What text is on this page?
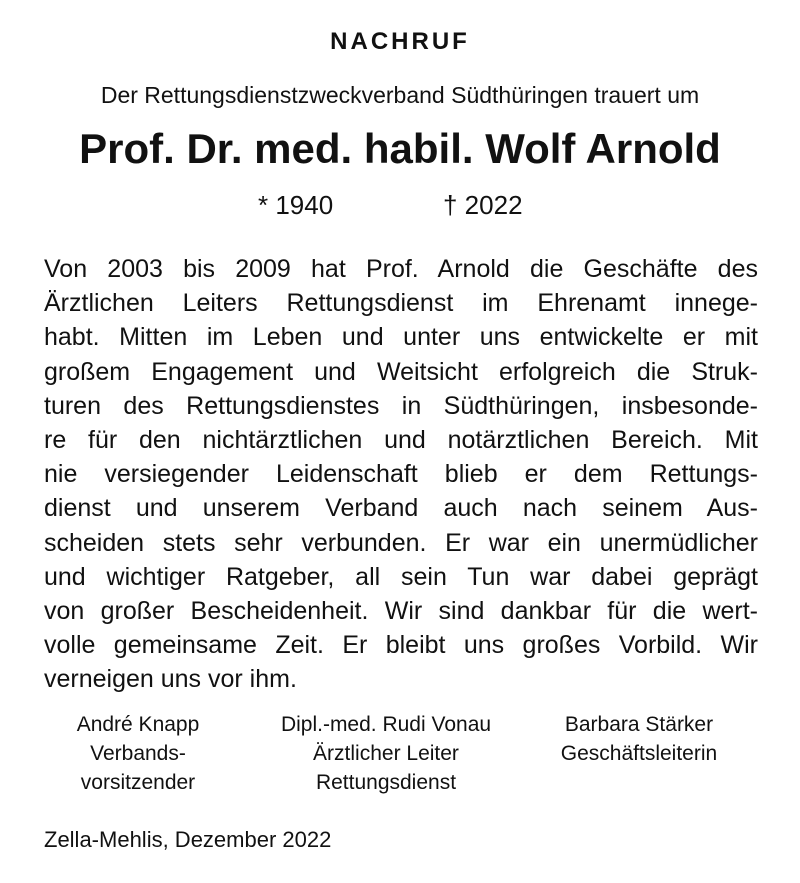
NACHRUF
Der Rettungsdienstzweckverband Südthüringen trauert um
Prof. Dr. med. habil. Wolf Arnold
* 1940	† 2022
Von 2003 bis 2009 hat Prof. Arnold die Geschäfte des
Ärztlichen Leiters Rettungsdienst im Ehrenamt innege-
habt. Mitten im Leben und unter uns entwickelte er mit
großem Engagement und Weitsicht erfolgreich die Struk-
turen des Rettungsdienstes in Südthüringen, insbesonde-
re für den nichtärztlichen und notärztlichen Bereich. Mit
nie versiegender Leidenschaft blieb er dem Rettungs-
dienst und unserem Verband auch nach seinem Aus-
scheiden stets sehr verbunden. Er war ein unermüdlicher
und wichtiger Ratgeber, all sein Tun war dabei geprägt
von großer Bescheidenheit. Wir sind dankbar für die wert-
volle gemeinsame Zeit. Er bleibt uns großes Vorbild. Wir
verneigen uns vor ihm.
André Knapp
Verbands-
vorsitzender
Dipl.-med. Rudi Vonau
Ärztlicher Leiter
Rettungsdienst
Barbara Stärker
Geschäftsleiterin
Zella-Mehlis, Dezember 2022
